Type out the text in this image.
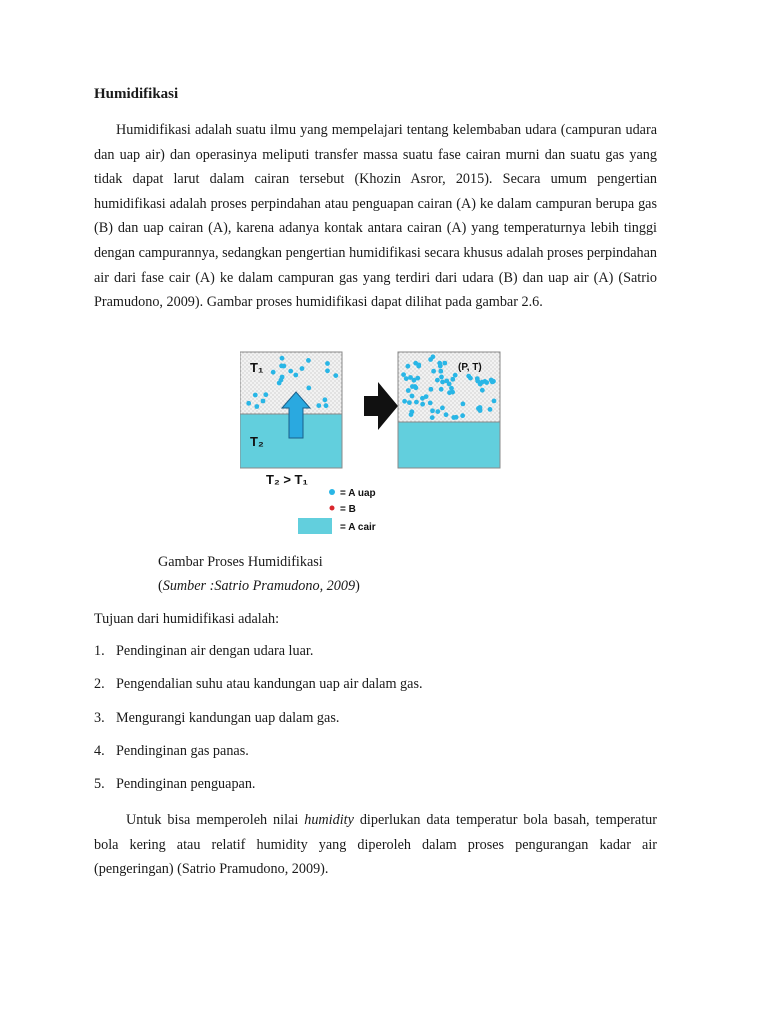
Humidifikasi

Humidifikasi adalah suatu ilmu yang mempelajari tentang kelembaban udara (campuran udara dan uap air) dan operasinya meliputi transfer massa suatu fase cairan murni dan suatu gas yang tidak dapat larut dalam cairan tersebut (Khozin Asror, 2015). Secara umum pengertian humidifikasi adalah proses perpindahan atau penguapan cairan (A) ke dalam campuran berupa gas (B) dan uap cairan (A), karena adanya kontak antara cairan (A) yang temperaturnya lebih tinggi dengan campurannya, sedangkan pengertian humidifikasi secara khusus adalah proses perpindahan air dari fase cair (A) ke dalam campuran gas yang terdiri dari udara (B) dan uap air (A) (Satrio Pramudono, 2009). Gambar proses humidifikasi dapat dilihat pada gambar 2.6.

T₁
T₂
(P, T)
T₂ > T₁
= A uap
= B
= A cair
Gambar Proses Humidifikasi
(Sumber :Satrio Pramudono, 2009)
Tujuan dari humidifikasi adalah:
1. Pendinginan air dengan udara luar.
2. Pengendalian suhu atau kandungan uap air dalam gas.
3. Mengurangi kandungan uap dalam gas.
4. Pendinginan gas panas.
5. Pendinginan penguapan.

Untuk bisa memperoleh nilai humidity diperlukan data temperatur bola basah, temperatur bola kering atau relatif humidity yang diperoleh dalam proses pengurangan kadar air (pengeringan) (Satrio Pramudono, 2009).
